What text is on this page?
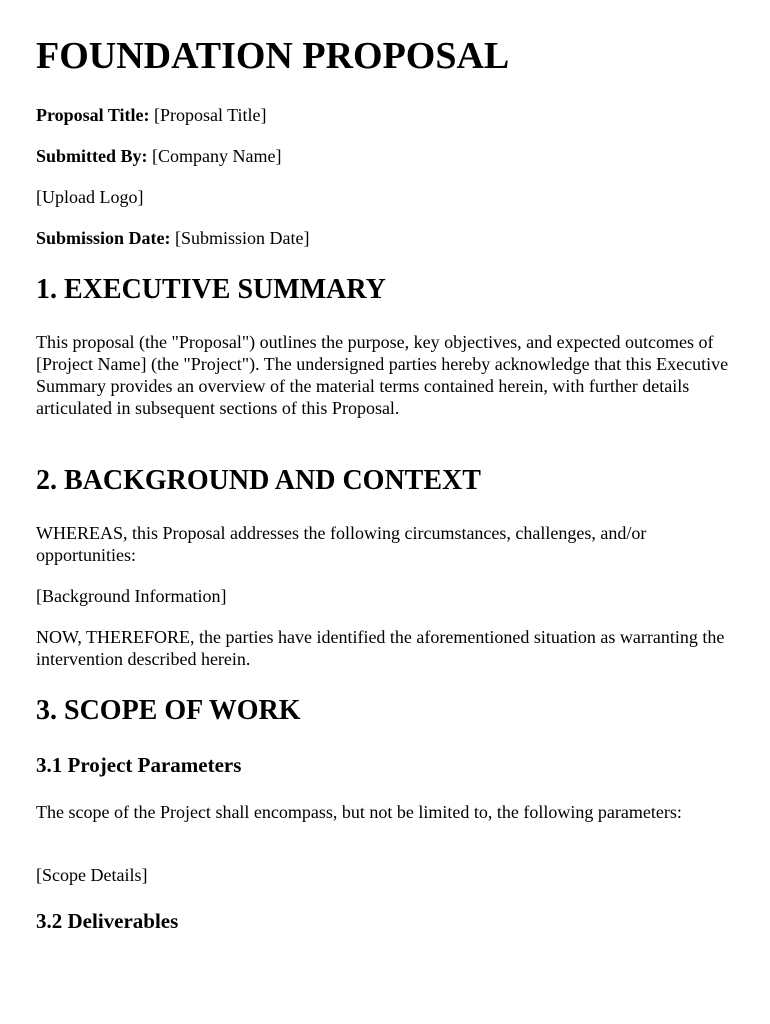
FOUNDATION PROPOSAL

Proposal Title: [Proposal Title]

Submitted By: [Company Name]

[Upload Logo]

Submission Date: [Submission Date]

1. EXECUTIVE SUMMARY

This proposal (the "Proposal") outlines the purpose, key objectives, and expected outcomes of [Project Name] (the "Project"). The undersigned parties hereby acknowledge that this Executive Summary provides an overview of the material terms contained herein, with further details articulated in subsequent sections of this Proposal.

2. BACKGROUND AND CONTEXT

WHEREAS, this Proposal addresses the following circumstances, challenges, and/or opportunities:

[Background Information]

NOW, THEREFORE, the parties have identified the aforementioned situation as warranting the intervention described herein.

3. SCOPE OF WORK
3.1 Project Parameters

The scope of the Project shall encompass, but not be limited to, the following parameters:

[Scope Details]

3.2 Deliverables
